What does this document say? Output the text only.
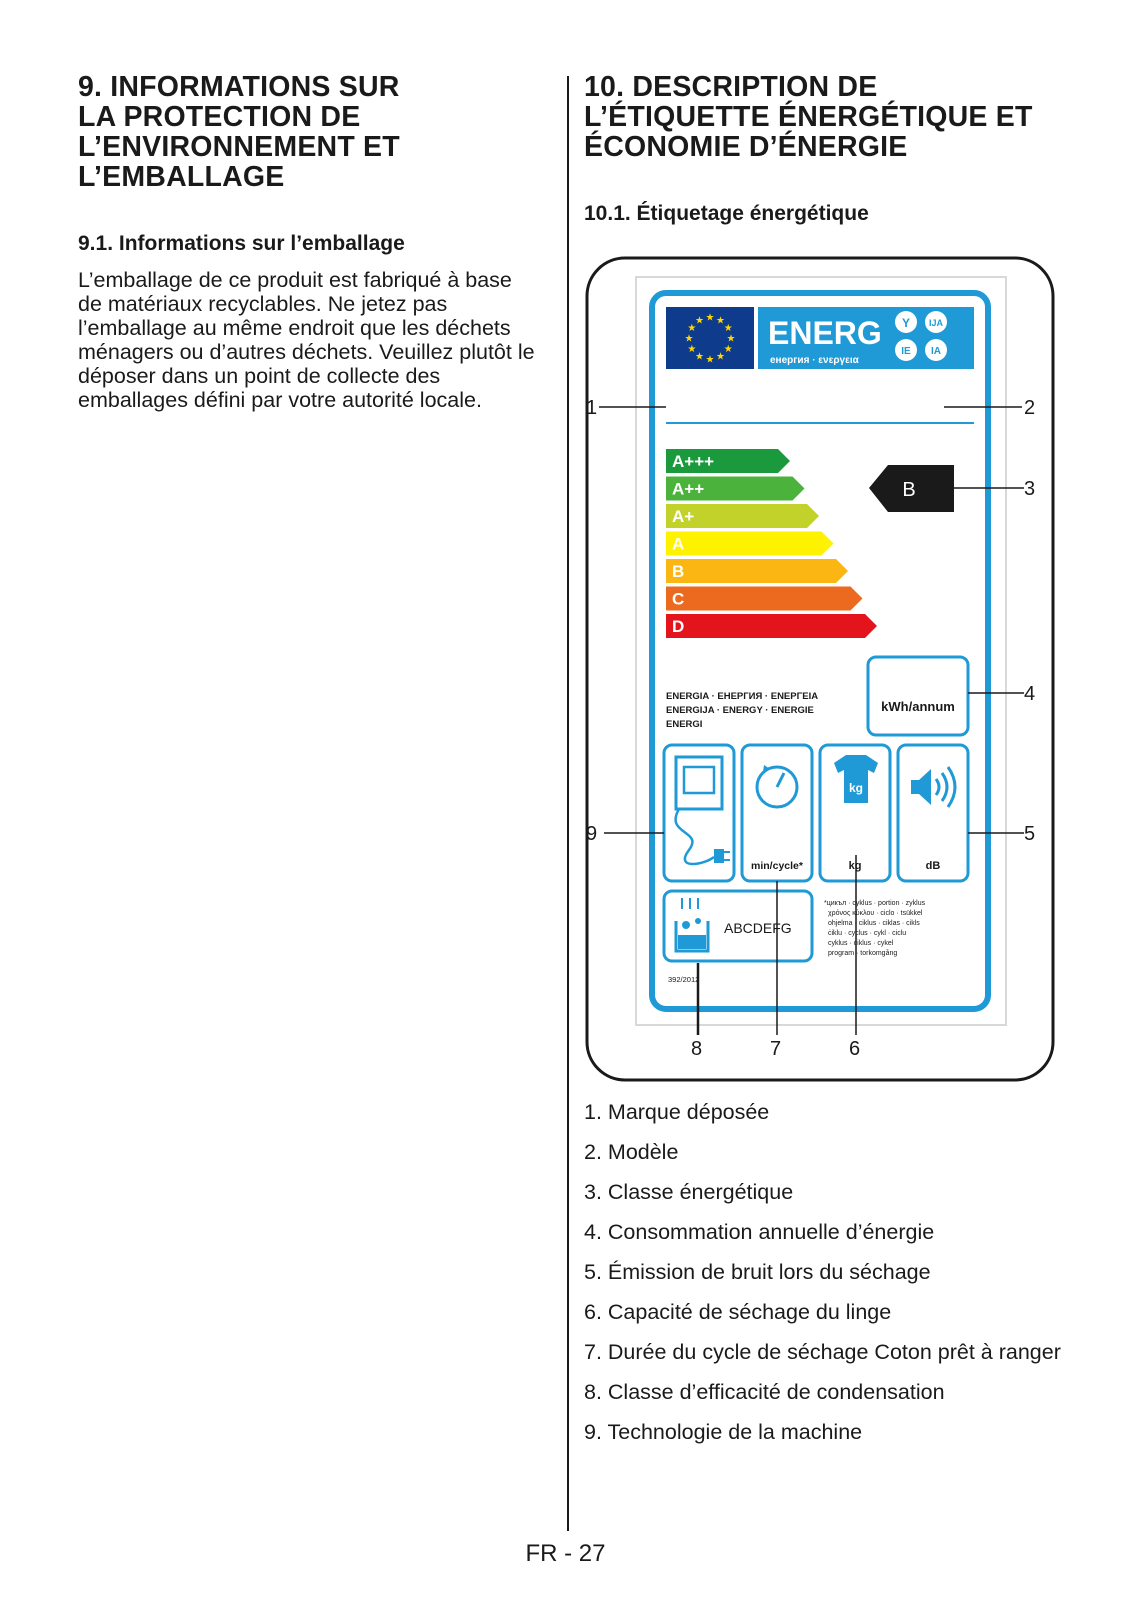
9. INFORMATIONS SUR
LA PROTECTION DE
L’ENVIRONNEMENT ET
L’EMBALLAGE
9.1. Informations sur l’emballage
L’emballage de ce produit est fabriqué à base de matériaux recyclables. Ne jetez pas l’emballage au même endroit que les déchets ménagers ou d’autres déchets. Veuillez plutôt le déposer dans un point de collecte des emballages défini par votre autorité locale.
10. DESCRIPTION DE
L’ÉTIQUETTE ÉNERGÉTIQUE ET
ÉCONOMIE D’ÉNERGIE
10.1. Étiquetage énergétique
★ ★
★
★
★
★
★
★
★
★
★
★ ENERG
енергия · ενεργεια
Y IJA
IE IA
1	2
A+++
A++
A+
A
B
C
D
B	3
ENERGIA · ЕНЕРГИЯ · ΕΝΕΡΓΕΙΑ
ENERGIJA · ENERGY · ENERGIE
ENERGI
kWh/annum
4
min/cycle*
kg
kg	dB
ABCDEFG
*цикъл · cyklus · portion · zyklus
χρόνος κύκλου · ciclo · tsükkel
ohjelma · ciklus · ciklas · cikls
ċiklu · cyclus · cykl · ciclu
cyklus · ciklus · cykel
program · torkomgång
392/2012
9	5
8	7	6
1. Marque déposée
2. Modèle
3. Classe énergétique
4. Consommation annuelle d’énergie
5. Émission de bruit lors du séchage
6. Capacité de séchage du linge
7. Durée du cycle de séchage Coton prêt à ranger
8. Classe d’efficacité de condensation
9. Technologie de la machine
FR - 27
